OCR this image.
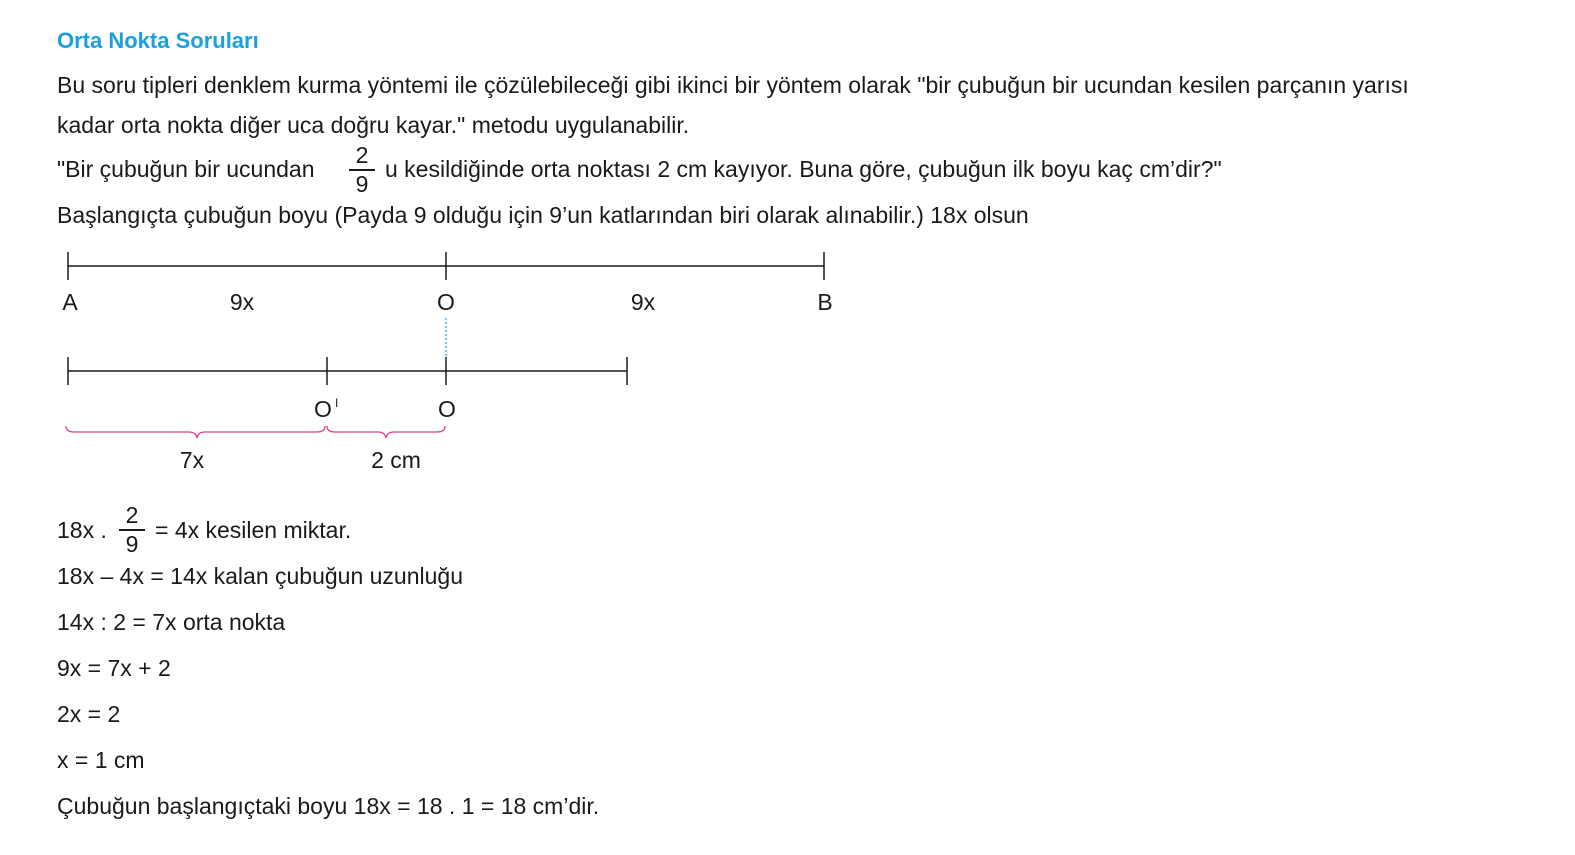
Orta Nokta Soruları
Bu soru tipleri denklem kurma yöntemi ile çözülebileceği gibi ikinci bir yöntem olarak "bir çubuğun bir ucundan kesilen parçanın yarısı
kadar orta nokta diğer uca doğru kayar." metodu uygulanabilir.
"Bir çubuğun bir ucundan
2
9
u kesildiğinde orta noktası 2 cm kayıyor. Buna göre, çubuğun ilk boyu kaç cm’dir?"
Başlangıçta çubuğun boyu (Payda 9 olduğu için 9’un katlarından biri olarak alınabilir.) 18x olsun
A	9x	O	9x	B
O I	O
7x	2 cm
18x .
2
9
= 4x kesilen miktar.
18x – 4x = 14x kalan çubuğun uzunluğu
14x : 2 = 7x orta nokta
9x = 7x + 2
2x = 2
x = 1 cm
Çubuğun başlangıçtaki boyu 18x = 18 . 1 = 18 cm’dir.
